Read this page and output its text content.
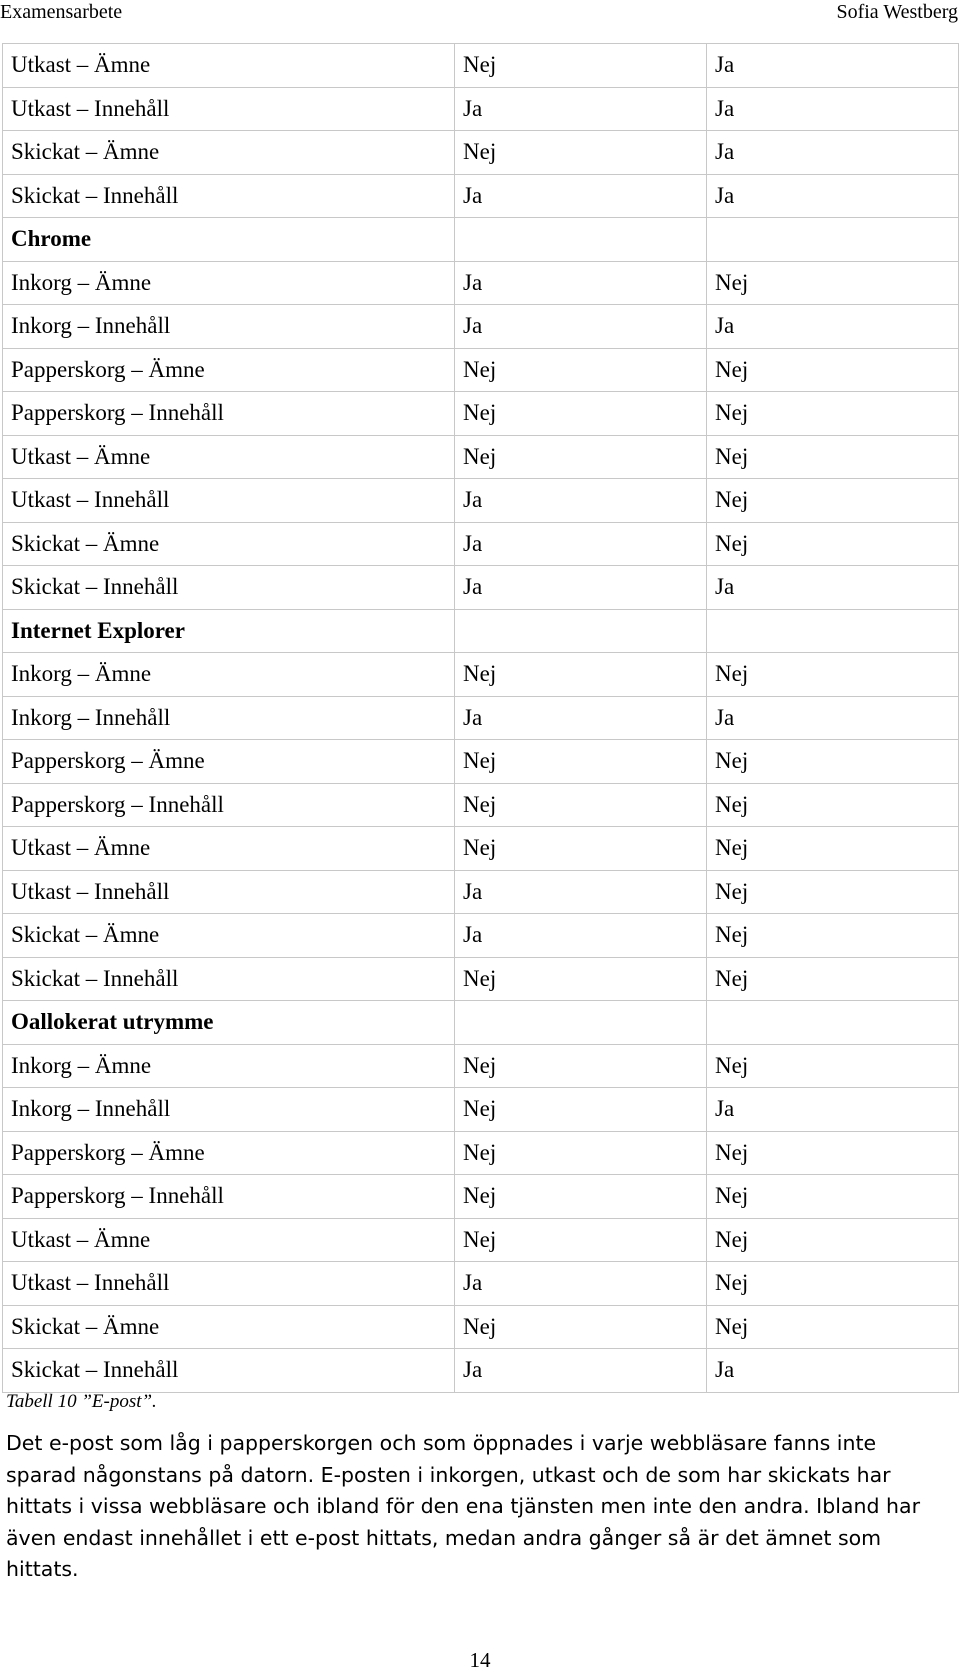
Examensarbete	Sofia Westberg
Utkast – Ämne	Nej	Ja
Utkast – Innehåll	Ja	Ja
Skickat – Ämne	Nej	Ja
Skickat – Innehåll	Ja	Ja
Chrome		
Inkorg – Ämne	Ja	Nej
Inkorg – Innehåll	Ja	Ja
Papperskorg – Ämne	Nej	Nej
Papperskorg – Innehåll	Nej	Nej
Utkast – Ämne	Nej	Nej
Utkast – Innehåll	Ja	Nej
Skickat – Ämne	Ja	Nej
Skickat – Innehåll	Ja	Ja
Internet Explorer		
Inkorg – Ämne	Nej	Nej
Inkorg – Innehåll	Ja	Ja
Papperskorg – Ämne	Nej	Nej
Papperskorg – Innehåll	Nej	Nej
Utkast – Ämne	Nej	Nej
Utkast – Innehåll	Ja	Nej
Skickat – Ämne	Ja	Nej
Skickat – Innehåll	Nej	Nej
Oallokerat utrymme		
Inkorg – Ämne	Nej	Nej
Inkorg – Innehåll	Nej	Ja
Papperskorg – Ämne	Nej	Nej
Papperskorg – Innehåll	Nej	Nej
Utkast – Ämne	Nej	Nej
Utkast – Innehåll	Ja	Nej
Skickat – Ämne	Nej	Nej
Skickat – Innehåll	Ja	Ja
Tabell 10 ”E-post”.
Det e-post som låg i papperskorgen och som öppnades i varje webbläsare fanns inte sparad någonstans på datorn. E-posten i inkorgen, utkast och de som har skickats har hittats i vissa webbläsare och ibland för den ena tjänsten men inte den andra. Ibland har även endast innehållet i ett e-post hittats, medan andra gånger så är det ämnet som hittats.
14
